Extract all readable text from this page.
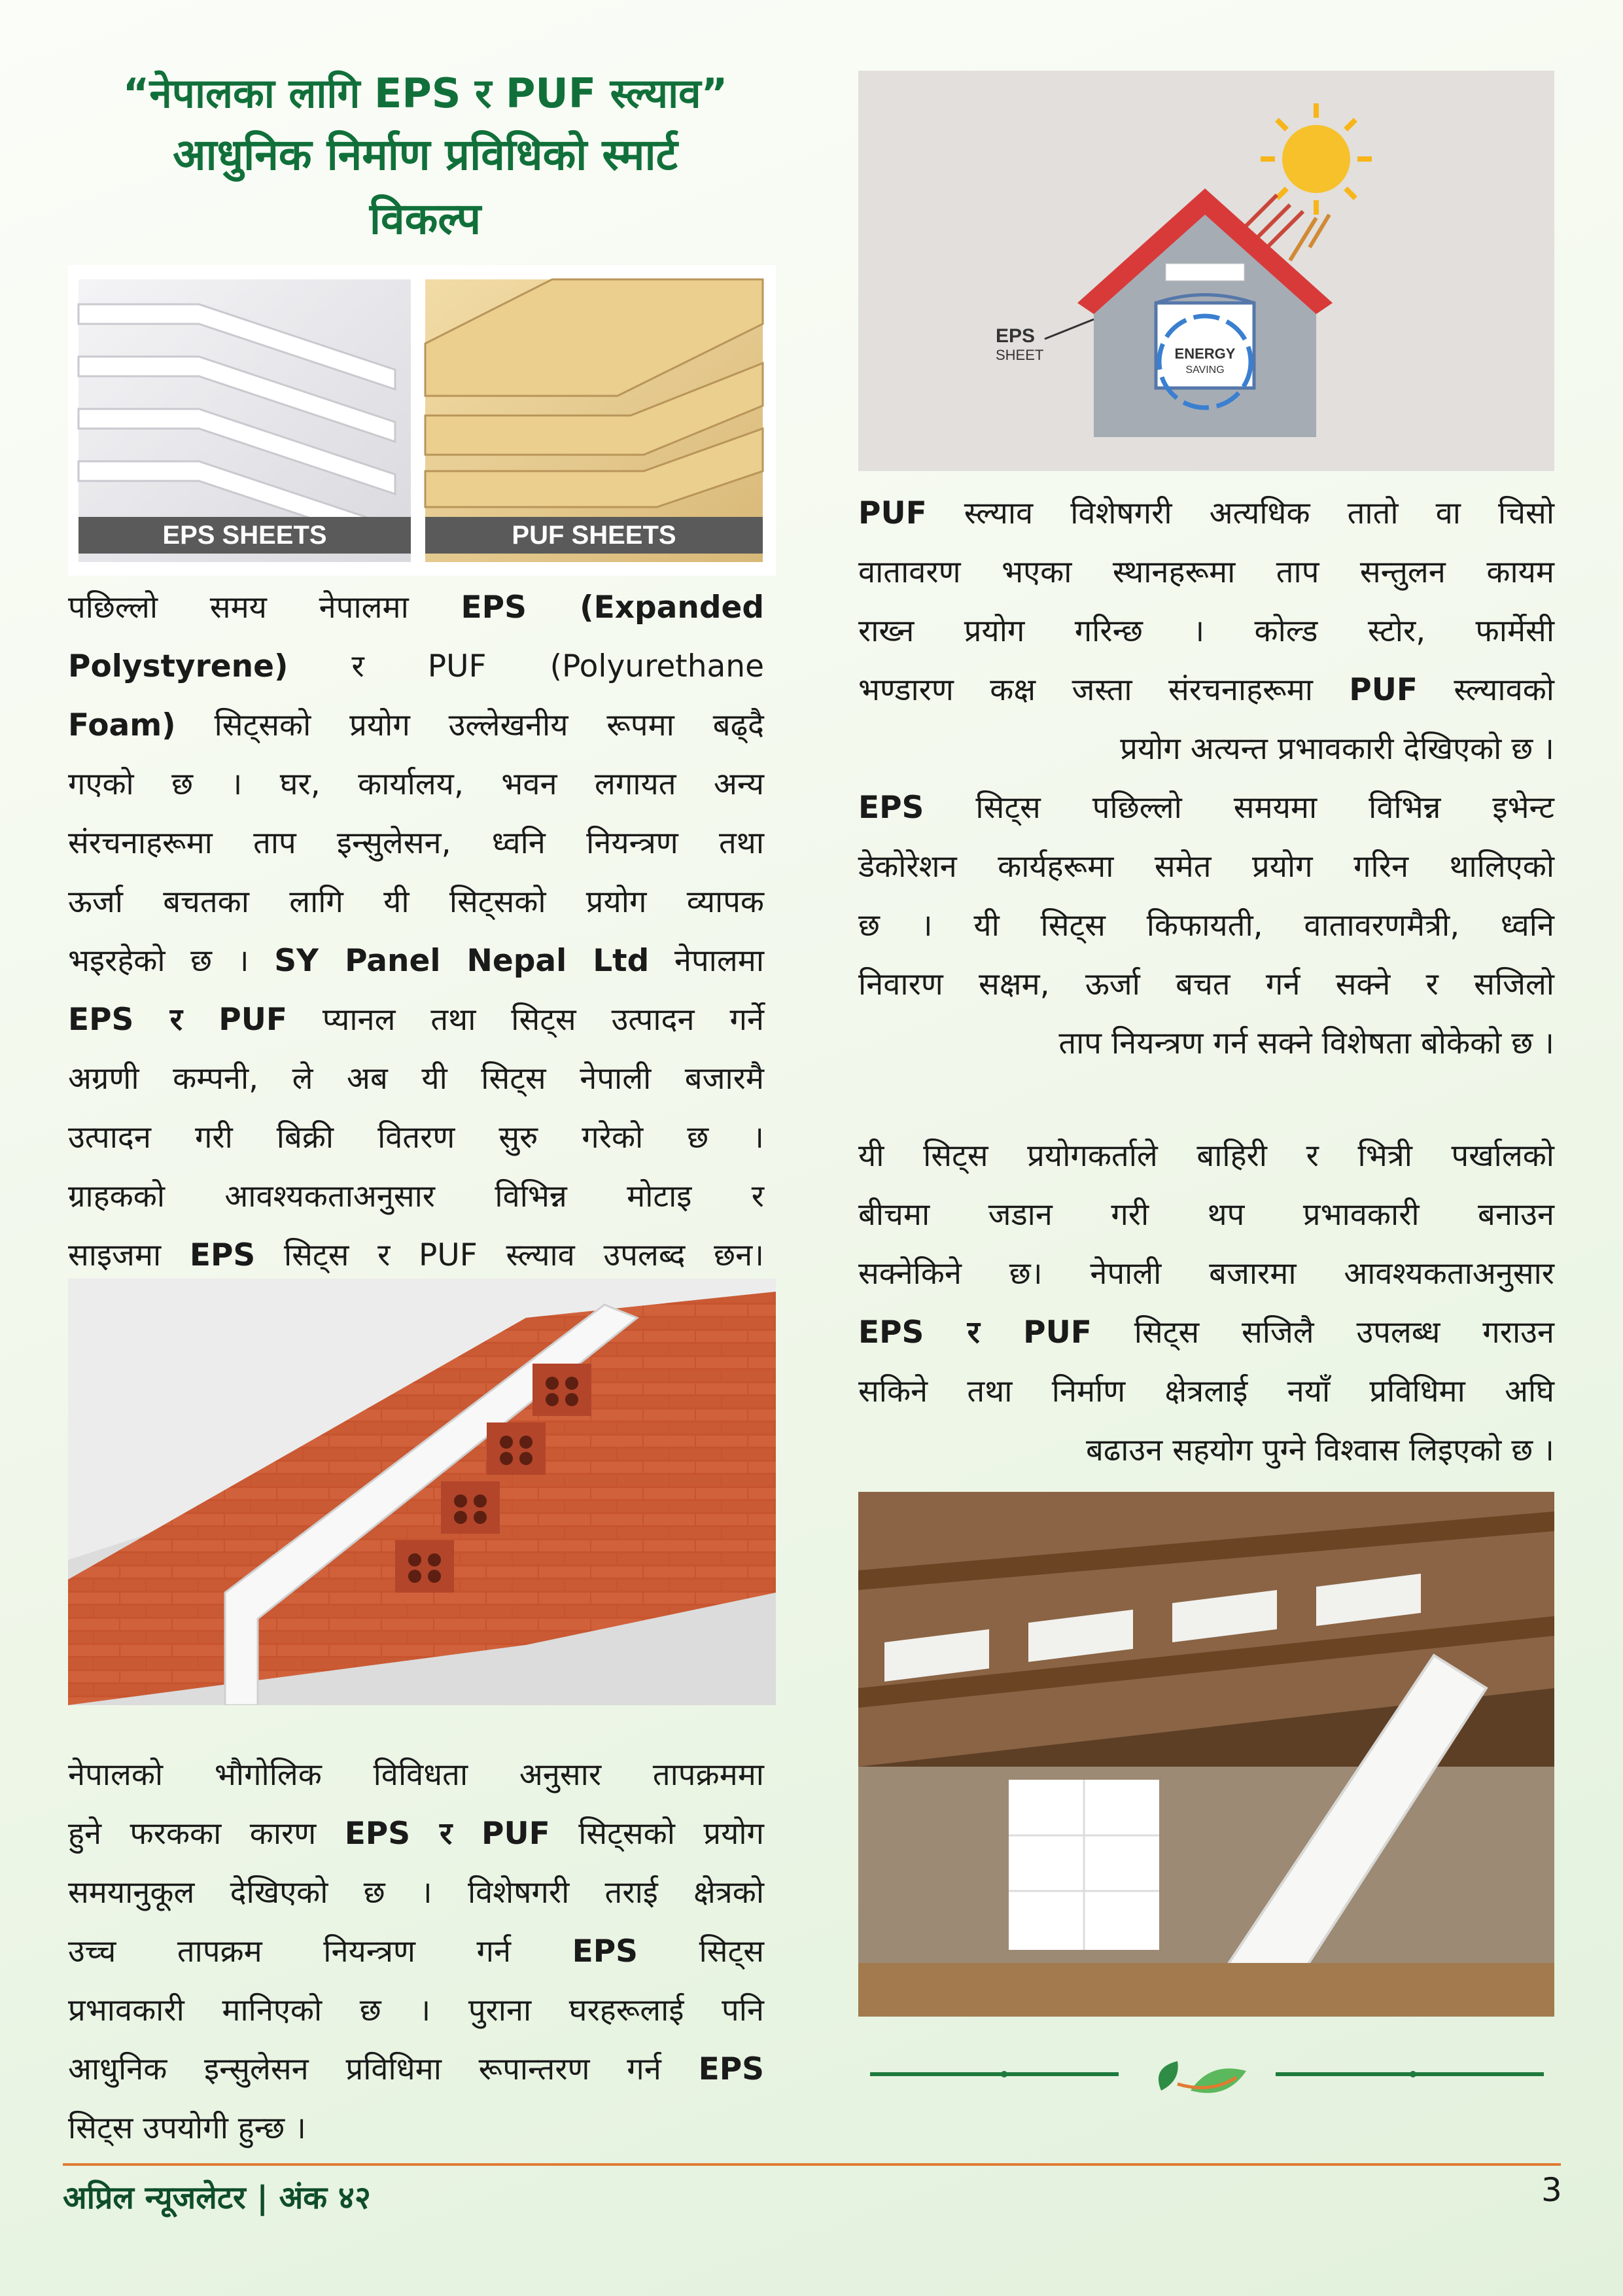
“नेपालका लागि EPS र PUF स्ल्याव”
आधुनिक निर्माण प्रविधिको स्मार्ट
विकल्प
EPS SHEETS	PUF SHEETS
ENERGY
SAVING
EPS
SHEET

पछिल्लो समय नेपालमा EPS (Expanded

Polystyrene) र PUF (Polyurethane

Foam) सिट्सको प्रयोग उल्लेखनीय रूपमा बढ्दै

गएको छ । घर, कार्यालय, भवन लगायत अन्य

संरचनाहरूमा ताप इन्सुलेसन, ध्वनि नियन्त्रण तथा

ऊर्जा बचतका लागि यी सिट्सको प्रयोग व्यापक

भइरहेको छ । SY Panel Nepal Ltd नेपालमा

EPS र PUF प्यानल तथा सिट्स उत्पादन गर्ने

अग्रणी कम्पनी, ले अब यी सिट्स नेपाली बजारमै

उत्पादन गरी बिक्री वितरण सुरु गरेको छ ।

ग्राहकको आवश्यकताअनुसार विभिन्न मोटाइ र

साइजमा EPS सिट्स र PUF स्ल्याव उपलब्द छन।

नेपालको भौगोलिक विविधता अनुसार तापक्रममा

हुने फरकका कारण EPS र PUF सिट्सको प्रयोग

समयानुकूल देखिएको छ । विशेषगरी तराई क्षेत्रको

उच्च तापक्रम नियन्त्रण गर्न EPS सिट्स

प्रभावकारी मानिएको छ । पुराना घरहरूलाई पनि

आधुनिक इन्सुलेसन प्रविधिमा रूपान्तरण गर्न EPS

सिट्स उपयोगी हुन्छ ।

PUF स्ल्याव विशेषगरी अत्यधिक तातो वा चिसो

वातावरण भएका स्थानहरूमा ताप सन्तुलन कायम

राख्न प्रयोग गरिन्छ । कोल्ड स्टोर, फार्मेसी

भण्डारण कक्ष जस्ता संरचनाहरूमा PUF स्ल्यावको

प्रयोग अत्यन्त प्रभावकारी देखिएको छ ।

EPS सिट्स पछिल्लो समयमा विभिन्न इभेन्ट

डेकोरेशन कार्यहरूमा समेत प्रयोग गरिन थालिएको

छ । यी सिट्स किफायती, वातावरणमैत्री, ध्वनि

निवारण सक्षम, ऊर्जा बचत गर्न सक्ने र सजिलो

ताप नियन्त्रण गर्न सक्ने विशेषता बोकेको छ ।

यी सिट्स प्रयोगकर्ताले बाहिरी र भित्री पर्खालको

बीचमा जडान गरी थप प्रभावकारी बनाउन

सक्नेकिने छ। नेपाली बजारमा आवश्यकताअनुसार

EPS र PUF सिट्स सजिलै उपलब्ध गराउन

सकिने तथा निर्माण क्षेत्रलाई नयाँ प्रविधिमा अघि

बढाउन सहयोग पुग्ने विश्वास लिइएको छ ।

अप्रिल न्यूजलेटर | अंक ४२	3
